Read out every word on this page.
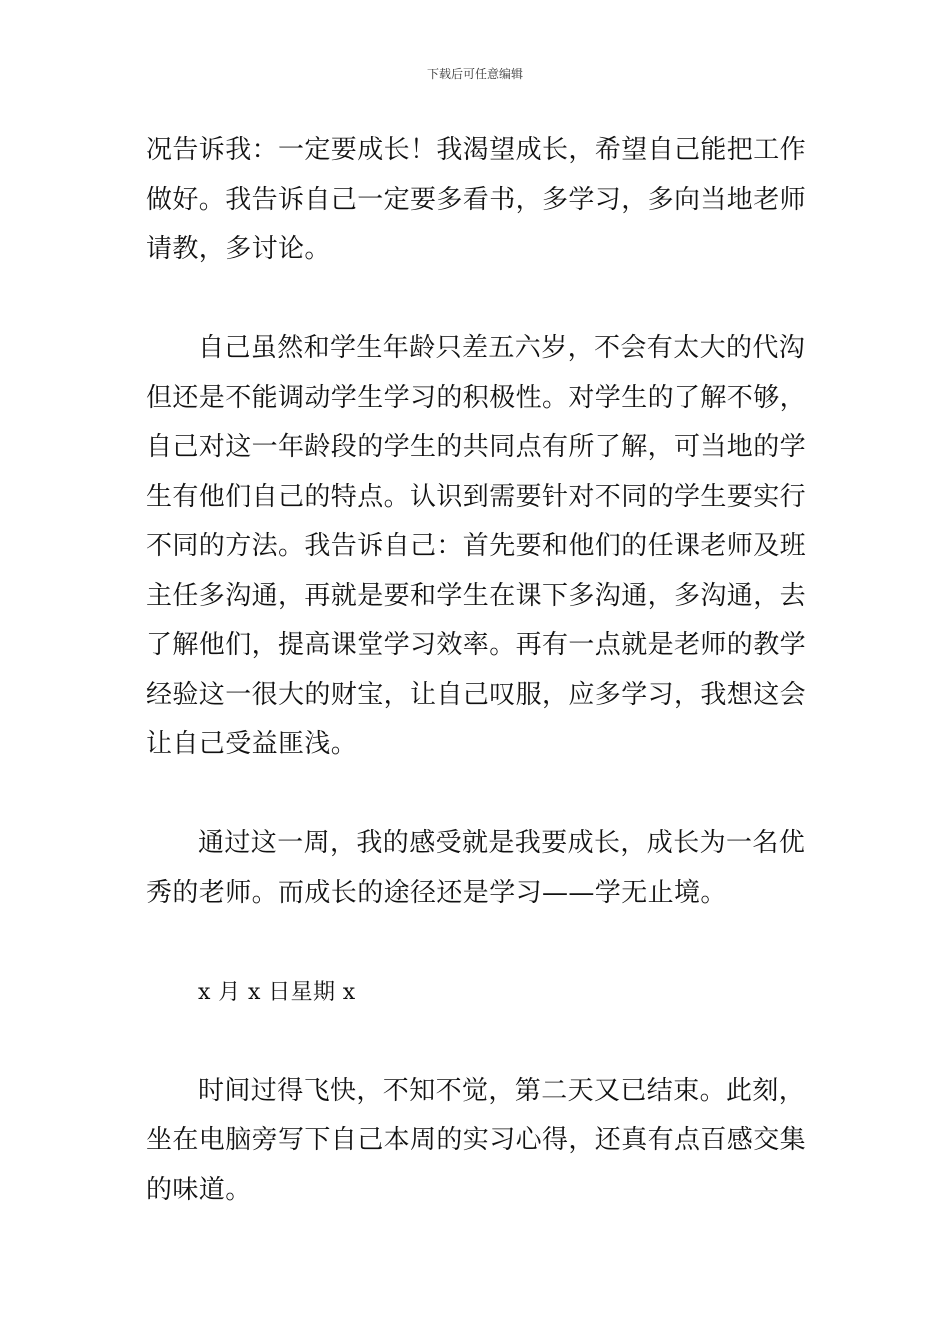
下载后可任意编辑
况告诉我：一定要成长！我渴望成长，希望自己能把工作
做好。我告诉自己一定要多看书，多学习，多向当地老师
请教，多讨论。
自己虽然和学生年龄只差五六岁，不会有太大的代沟
但还是不能调动学生学习的积极性。对学生的了解不够，
自己对这一年龄段的学生的共同点有所了解，可当地的学
生有他们自己的特点。认识到需要针对不同的学生要实行
不同的方法。我告诉自己：首先要和他们的任课老师及班
主任多沟通，再就是要和学生在课下多沟通，多沟通，去
了解他们，提高课堂学习效率。再有一点就是老师的教学
经验这一很大的财宝，让自己叹服，应多学习，我想这会
让自己受益匪浅。
通过这一周，我的感受就是我要成长，成长为一名优
秀的老师。而成长的途径还是学习——学无止境。
x 月 x 日星期 x
时间过得飞快，不知不觉，第二天又已结束。此刻，
坐在电脑旁写下自己本周的实习心得，还真有点百感交集
的味道。
